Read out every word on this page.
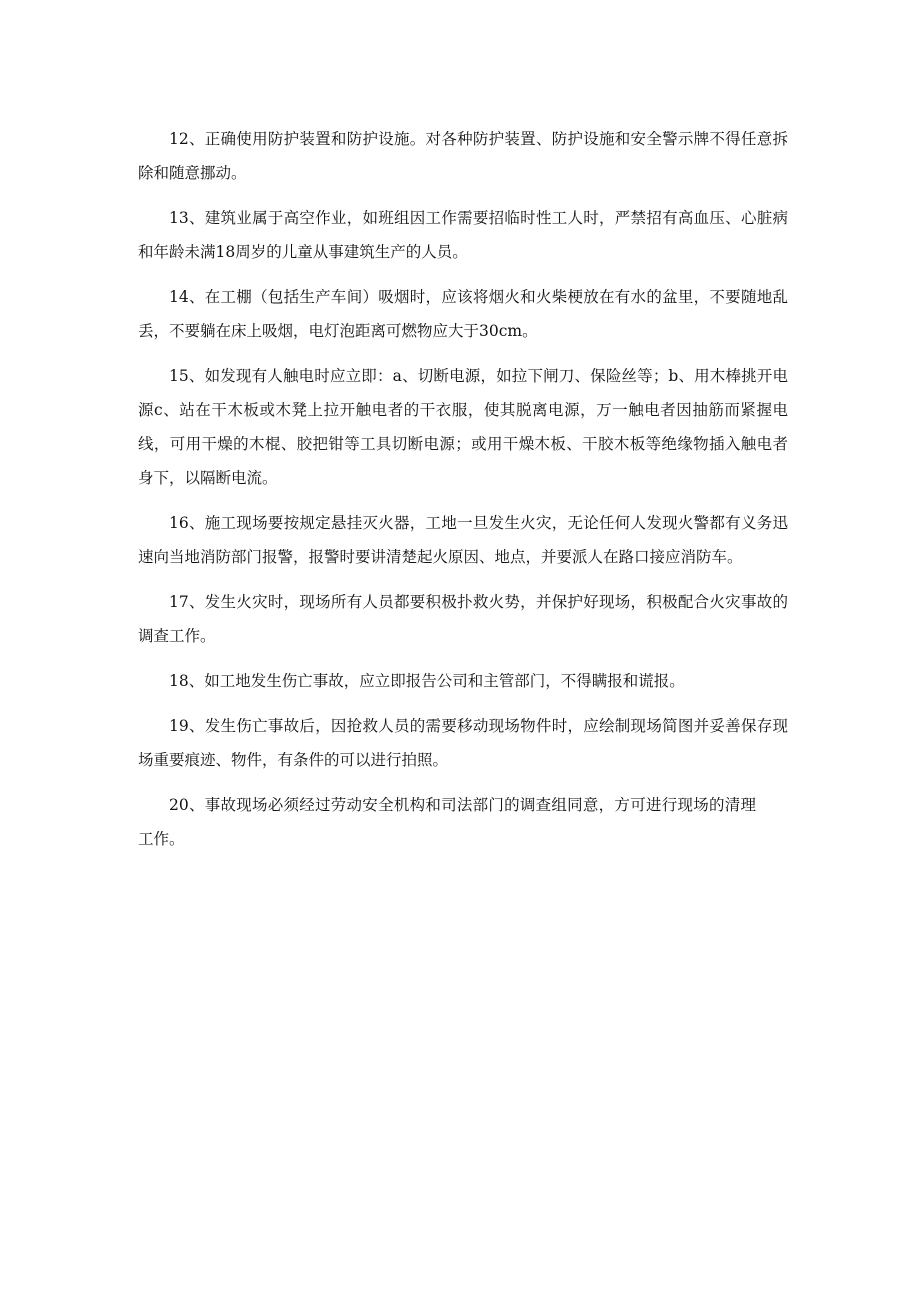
12、正确使用防护装置和防护设施。对各种防护装置、防护设施和安全警示牌不得任意拆除和随意挪动。

13、建筑业属于高空作业，如班组因工作需要招临时性工人时，严禁招有高血压、心脏病和年龄未满18周岁的儿童从事建筑生产的人员。

14、在工棚（包括生产车间）吸烟时，应该将烟火和火柴梗放在有水的盆里，不要随地乱丢，不要躺在床上吸烟，电灯泡距离可燃物应大于30cm。

15、如发现有人触电时应立即：a、切断电源，如拉下闸刀、保险丝等；b、用木棒挑开电源c、站在干木板或木凳上拉开触电者的干衣服，使其脱离电源，万一触电者因抽筋而紧握电线，可用干燥的木棍、胶把钳等工具切断电源；或用干燥木板、干胶木板等绝缘物插入触电者身下，以隔断电流。

16、施工现场要按规定悬挂灭火器，工地一旦发生火灾，无论任何人发现火警都有义务迅速向当地消防部门报警，报警时要讲清楚起火原因、地点，并要派人在路口接应消防车。

17、发生火灾时，现场所有人员都要积极扑救火势，并保护好现场，积极配合火灾事故的调查工作。

18、如工地发生伤亡事故，应立即报告公司和主管部门，不得瞒报和谎报。

19、发生伤亡事故后，因抢救人员的需要移动现场物件时，应绘制现场简图并妥善保存现场重要痕迹、物件，有条件的可以进行拍照。

20、事故现场必须经过劳动安全机构和司法部门的调查组同意，方可进行现场的清理工作。
